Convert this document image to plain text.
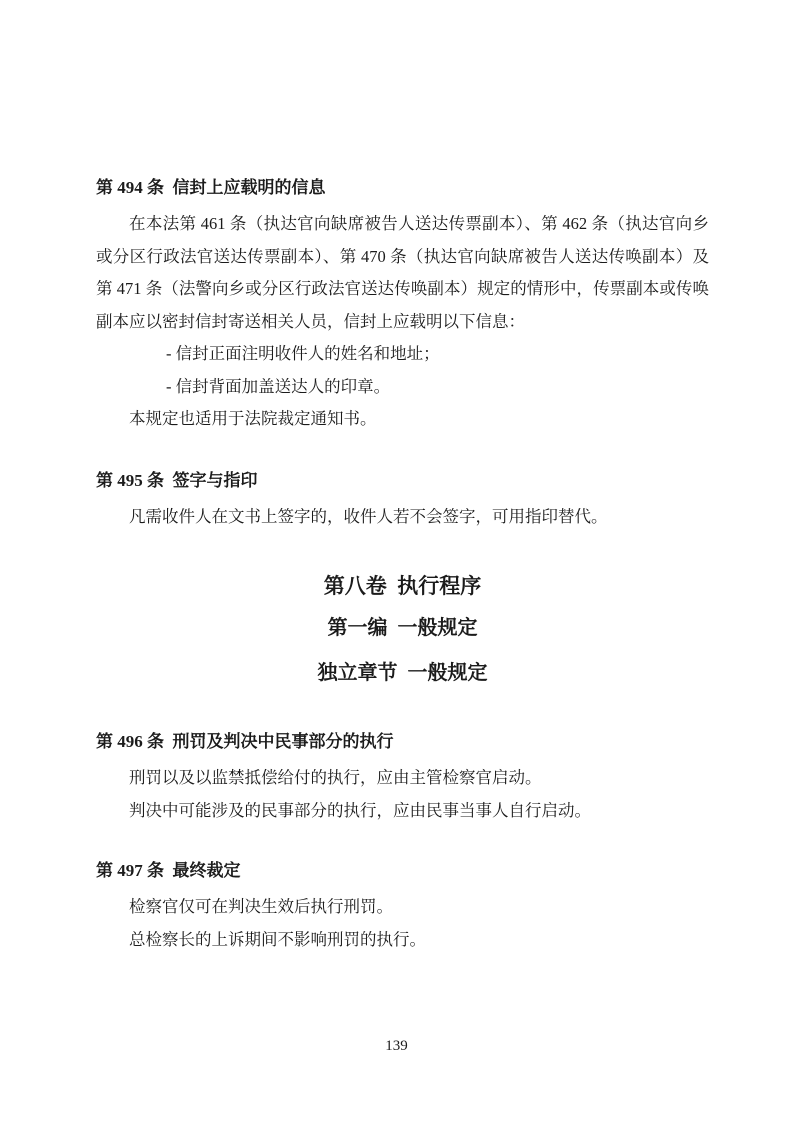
第 494 条  信封上应载明的信息

在本法第 461 条（执达官向缺席被告人送达传票副本）、第 462 条（执达官向乡或分区行政法官送达传票副本）、第 470 条（执达官向缺席被告人送达传唤副本）及第 471 条（法警向乡或分区行政法官送达传唤副本）规定的情形中，传票副本或传唤副本应以密封信封寄送相关人员，信封上应载明以下信息：

- 信封正面注明收件人的姓名和地址；

- 信封背面加盖送达人的印章。

本规定也适用于法院裁定通知书。

第 495 条  签字与指印

凡需收件人在文书上签字的，收件人若不会签字，可用指印替代。

第八卷  执行程序
第一编  一般规定
独立章节  一般规定
第 496 条  刑罚及判决中民事部分的执行

刑罚以及以监禁抵偿给付的执行，应由主管检察官启动。

判决中可能涉及的民事部分的执行，应由民事当事人自行启动。

第 497 条  最终裁定

检察官仅可在判决生效后执行刑罚。

总检察长的上诉期间不影响刑罚的执行。

139
